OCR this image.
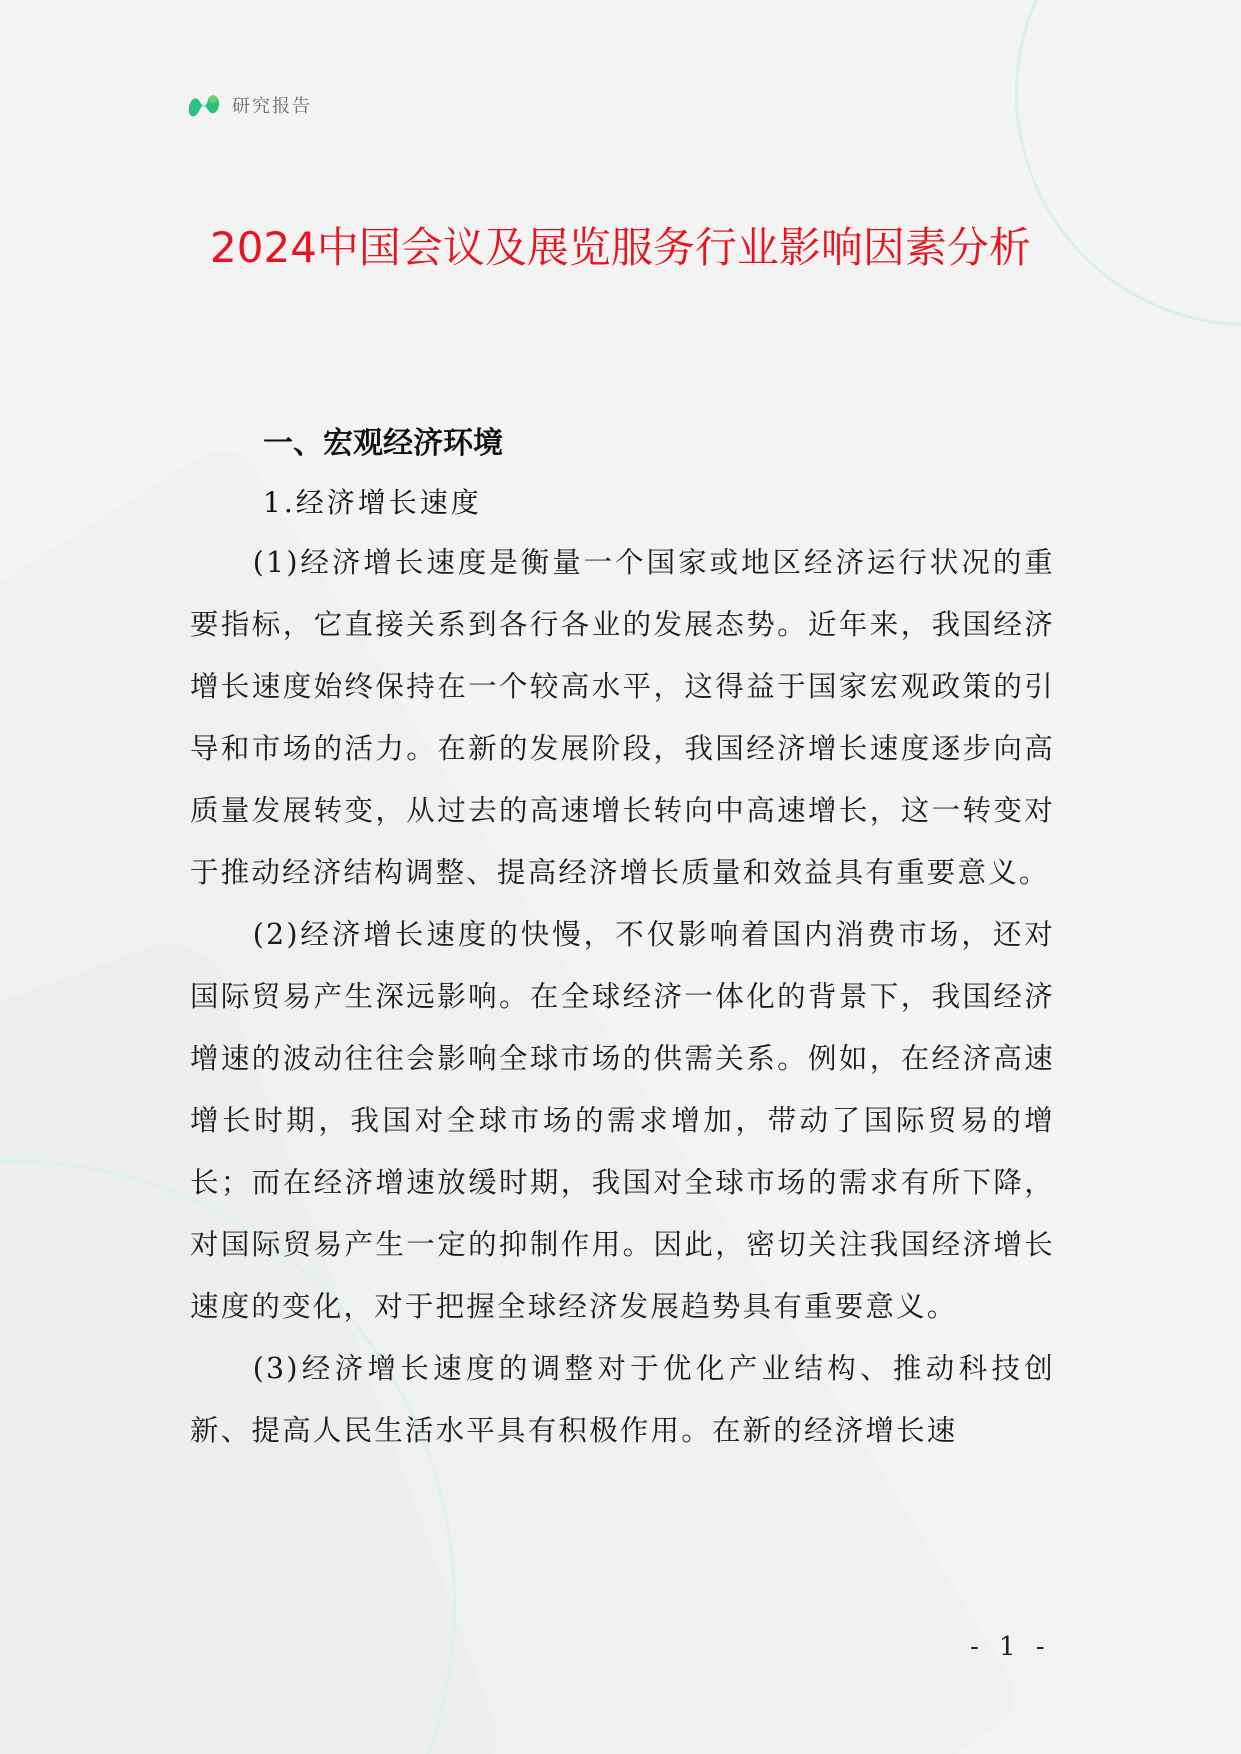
研究报告
2024中国会议及展览服务行业影响因素分析
一、宏观经济环境
1.经济增长速度

(1)经济增长速度是衡量一个国家或地区经济运行状况的重要指标，它直接关系到各行各业的发展态势。近年来，我国经济增长速度始终保持在一个较高水平，这得益于国家宏观政策的引导和市场的活力。在新的发展阶段，我国经济增长速度逐步向高质量发展转变，从过去的高速增长转向中高速增长，这一转变对于推动经济结构调整、提高经济增长质量和效益具有重要意义。

(2)经济增长速度的快慢，不仅影响着国内消费市场，还对国际贸易产生深远影响。在全球经济一体化的背景下，我国经济增速的波动往往会影响全球市场的供需关系。例如，在经济高速增长时期，我国对全球市场的需求增加，带动了国际贸易的增长；而在经济增速放缓时期，我国对全球市场的需求有所下降，对国际贸易产生一定的抑制作用。因此，密切关注我国经济增长速度的变化，对于把握全球经济发展趋势具有重要意义。

(3)经济增长速度的调整对于优化产业结构、推动科技创新、提高人民生活水平具有积极作用。在新的经济增长速

- 1 -
